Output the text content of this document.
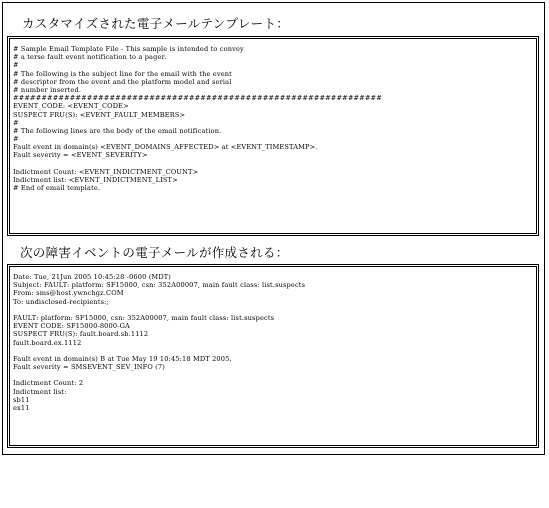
カスタマイズされた電子メールテンプレート：
# Sample Email Template File - This sample is intended to convey
# a terse fault event notification to a pager.
#
# The following is the subject line for the email with the event
# descriptor from the event and the platform model and serial
# number inserted.
#################################################################
EVENT_CODE: <EVENT_CODE>
SUSPECT FRU(S): <EVENT_FAULT_MEMBERS>
#
# The following lines are the body of the email notification.
#
Fault event in domain(s) <EVENT_DOMAINS_AFFECTED> at <EVENT_TIMESTAMP>.
Fault severity = <EVENT_SEVERITY>
Indictment Count: <EVENT_INDICTMENT_COUNT>
Indictment list: <EVENT_INDICTMENT_LIST>
# End of email template.
次の障害イベントの電子メールが作成される：
Date: Tue, 21Jun 2005 10:45:28 -0600 (MDT)
Subject: FAULT: platform: SF15000, csn: 352A00007, main fault class: list.suspects
From: sms@host.ywnchgz.COM
To: undisclosed-recipients:;
FAULT: platform: SF15000, csn: 352A00007, main fault class: list.suspects
EVENT CODE: SF15000-8000-GA
SUSPECT FRU(S): fault.board.sb.1112
fault.board.ex.1112
Fault event in domain(s) B at Tue May 19 10:45:18 MDT 2005.
Fault severity = SMSEVENT_SEV_INFO (7)
Indictment Count: 2
Indictment list:
sb11
ex11
